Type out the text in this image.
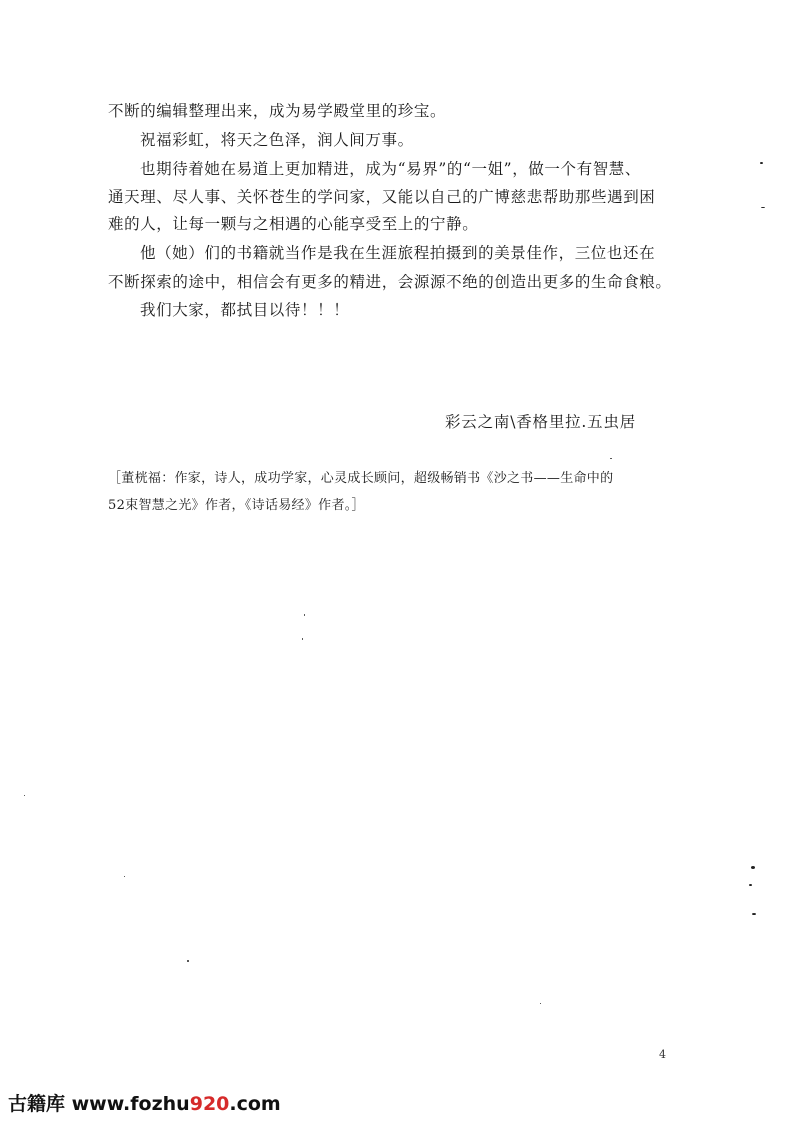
不断的编辑整理出来，成为易学殿堂里的珍宝。
祝福彩虹，将天之色泽，润人间万事。
也期待着她在易道上更加精进，成为“易界”的“一姐”，做一个有智慧、
通天理、尽人事、关怀苍生的学问家，又能以自己的广博慈悲帮助那些遇到困
难的人，让每一颗与之相遇的心能享受至上的宁静。
他（她）们的书籍就当作是我在生涯旅程拍摄到的美景佳作，三位也还在
不断探索的途中，相信会有更多的精进，会源源不绝的创造出更多的生命食粮。
我们大家，都拭目以待！！！
彩云之南\香格里拉.五虫居
［董桄福：作家，诗人，成功学家，心灵成长顾问，超级畅销书《沙之书——生命中的
52束智慧之光》作者，《诗话易经》作者。］
4
古籍库 www.fozhu920.com
